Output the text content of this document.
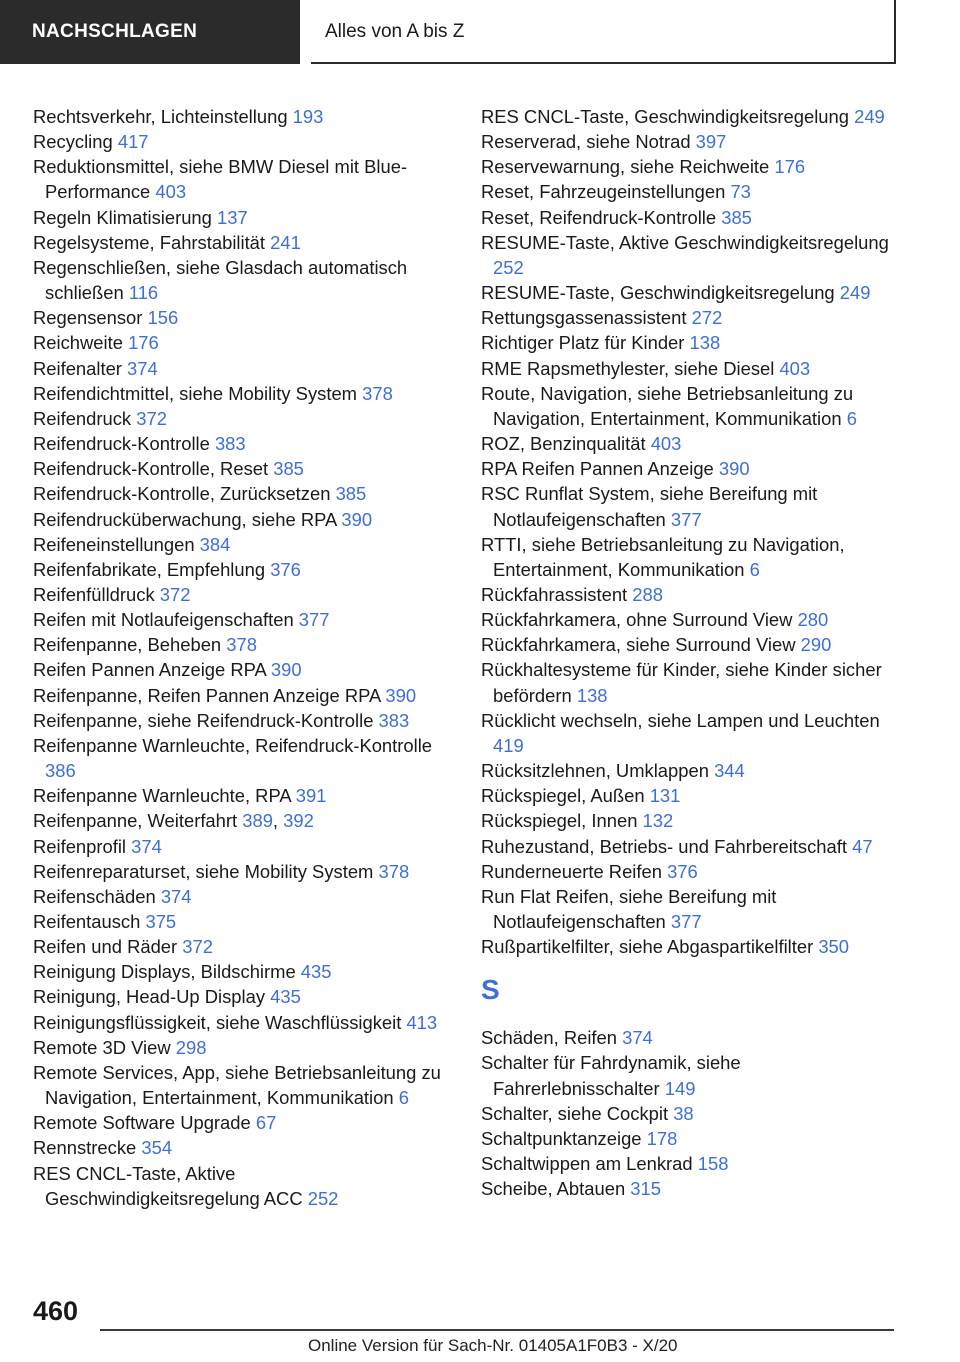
NACHSCHLAGEN	Alles von A bis Z
Rechtsverkehr, Lichteinstellung 193
Recycling 417
Reduktionsmittel, siehe BMW Diesel mit Blue-Performance 403
Regeln Klimatisierung 137
Regelsysteme, Fahrstabilität 241
Regenschließen, siehe Glasdach automatisch schließen 116
Regensensor 156
Reichweite 176
Reifenalter 374
Reifendichtmittel, siehe Mobility System 378
Reifendruck 372
Reifendruck-Kontrolle 383
Reifendruck-Kontrolle, Reset 385
Reifendruck-Kontrolle, Zurücksetzen 385
Reifendrucküberwachung, siehe RPA 390
Reifeneinstellungen 384
Reifenfabrikate, Empfehlung 376
Reifenfülldruck 372
Reifen mit Notlaufeigenschaften 377
Reifenpanne, Beheben 378
Reifen Pannen Anzeige RPA 390
Reifenpanne, Reifen Pannen Anzeige RPA 390
Reifenpanne, siehe Reifendruck-Kontrolle 383
Reifenpanne Warnleuchte, Reifendruck-Kontrolle 386
Reifenpanne Warnleuchte, RPA 391
Reifenpanne, Weiterfahrt 389, 392
Reifenprofil 374
Reifenreparaturset, siehe Mobility System 378
Reifenschäden 374
Reifentausch 375
Reifen und Räder 372
Reinigung Displays, Bildschirme 435
Reinigung, Head-Up Display 435
Reinigungsflüssigkeit, siehe Waschflüssigkeit 413
Remote 3D View 298
Remote Services, App, siehe Betriebsanleitung zu Navigation, Entertainment, Kommunikation 6
Remote Software Upgrade 67
Rennstrecke 354
RES CNCL-Taste, Aktive Geschwindigkeitsregelung ACC 252
RES CNCL-Taste, Geschwindigkeitsregelung 249
Reserverad, siehe Notrad 397
Reservewarnung, siehe Reichweite 176
Reset, Fahrzeugeinstellungen 73
Reset, Reifendruck-Kontrolle 385
RESUME-Taste, Aktive Geschwindigkeitsregelung 252
RESUME-Taste, Geschwindigkeitsregelung 249
Rettungsgassenassistent 272
Richtiger Platz für Kinder 138
RME Rapsmethylester, siehe Diesel 403
Route, Navigation, siehe Betriebsanleitung zu Navigation, Entertainment, Kommunikation 6
ROZ, Benzinqualität 403
RPA Reifen Pannen Anzeige 390
RSC Runflat System, siehe Bereifung mit Notlaufeigenschaften 377
RTTI, siehe Betriebsanleitung zu Navigation, Entertainment, Kommunikation 6
Rückfahrassistent 288
Rückfahrkamera, ohne Surround View 280
Rückfahrkamera, siehe Surround View 290
Rückhaltesysteme für Kinder, siehe Kinder sicher befördern 138
Rücklicht wechseln, siehe Lampen und Leuchten 419
Rücksitzlehnen, Umklappen 344
Rückspiegel, Außen 131
Rückspiegel, Innen 132
Ruhezustand, Betriebs- und Fahrbereitschaft 47
Runderneuerte Reifen 376
Run Flat Reifen, siehe Bereifung mit Notlaufeigenschaften 377
Rußpartikelfilter, siehe Abgaspartikelfilter 350
S
Schäden, Reifen 374
Schalter für Fahrdynamik, siehe Fahrerlebnisschalter 149
Schalter, siehe Cockpit 38
Schaltpunktanzeige 178
Schaltwippen am Lenkrad 158
Scheibe, Abtauen 315
460
Online Version für Sach-Nr. 01405A1F0B3 - X/20
